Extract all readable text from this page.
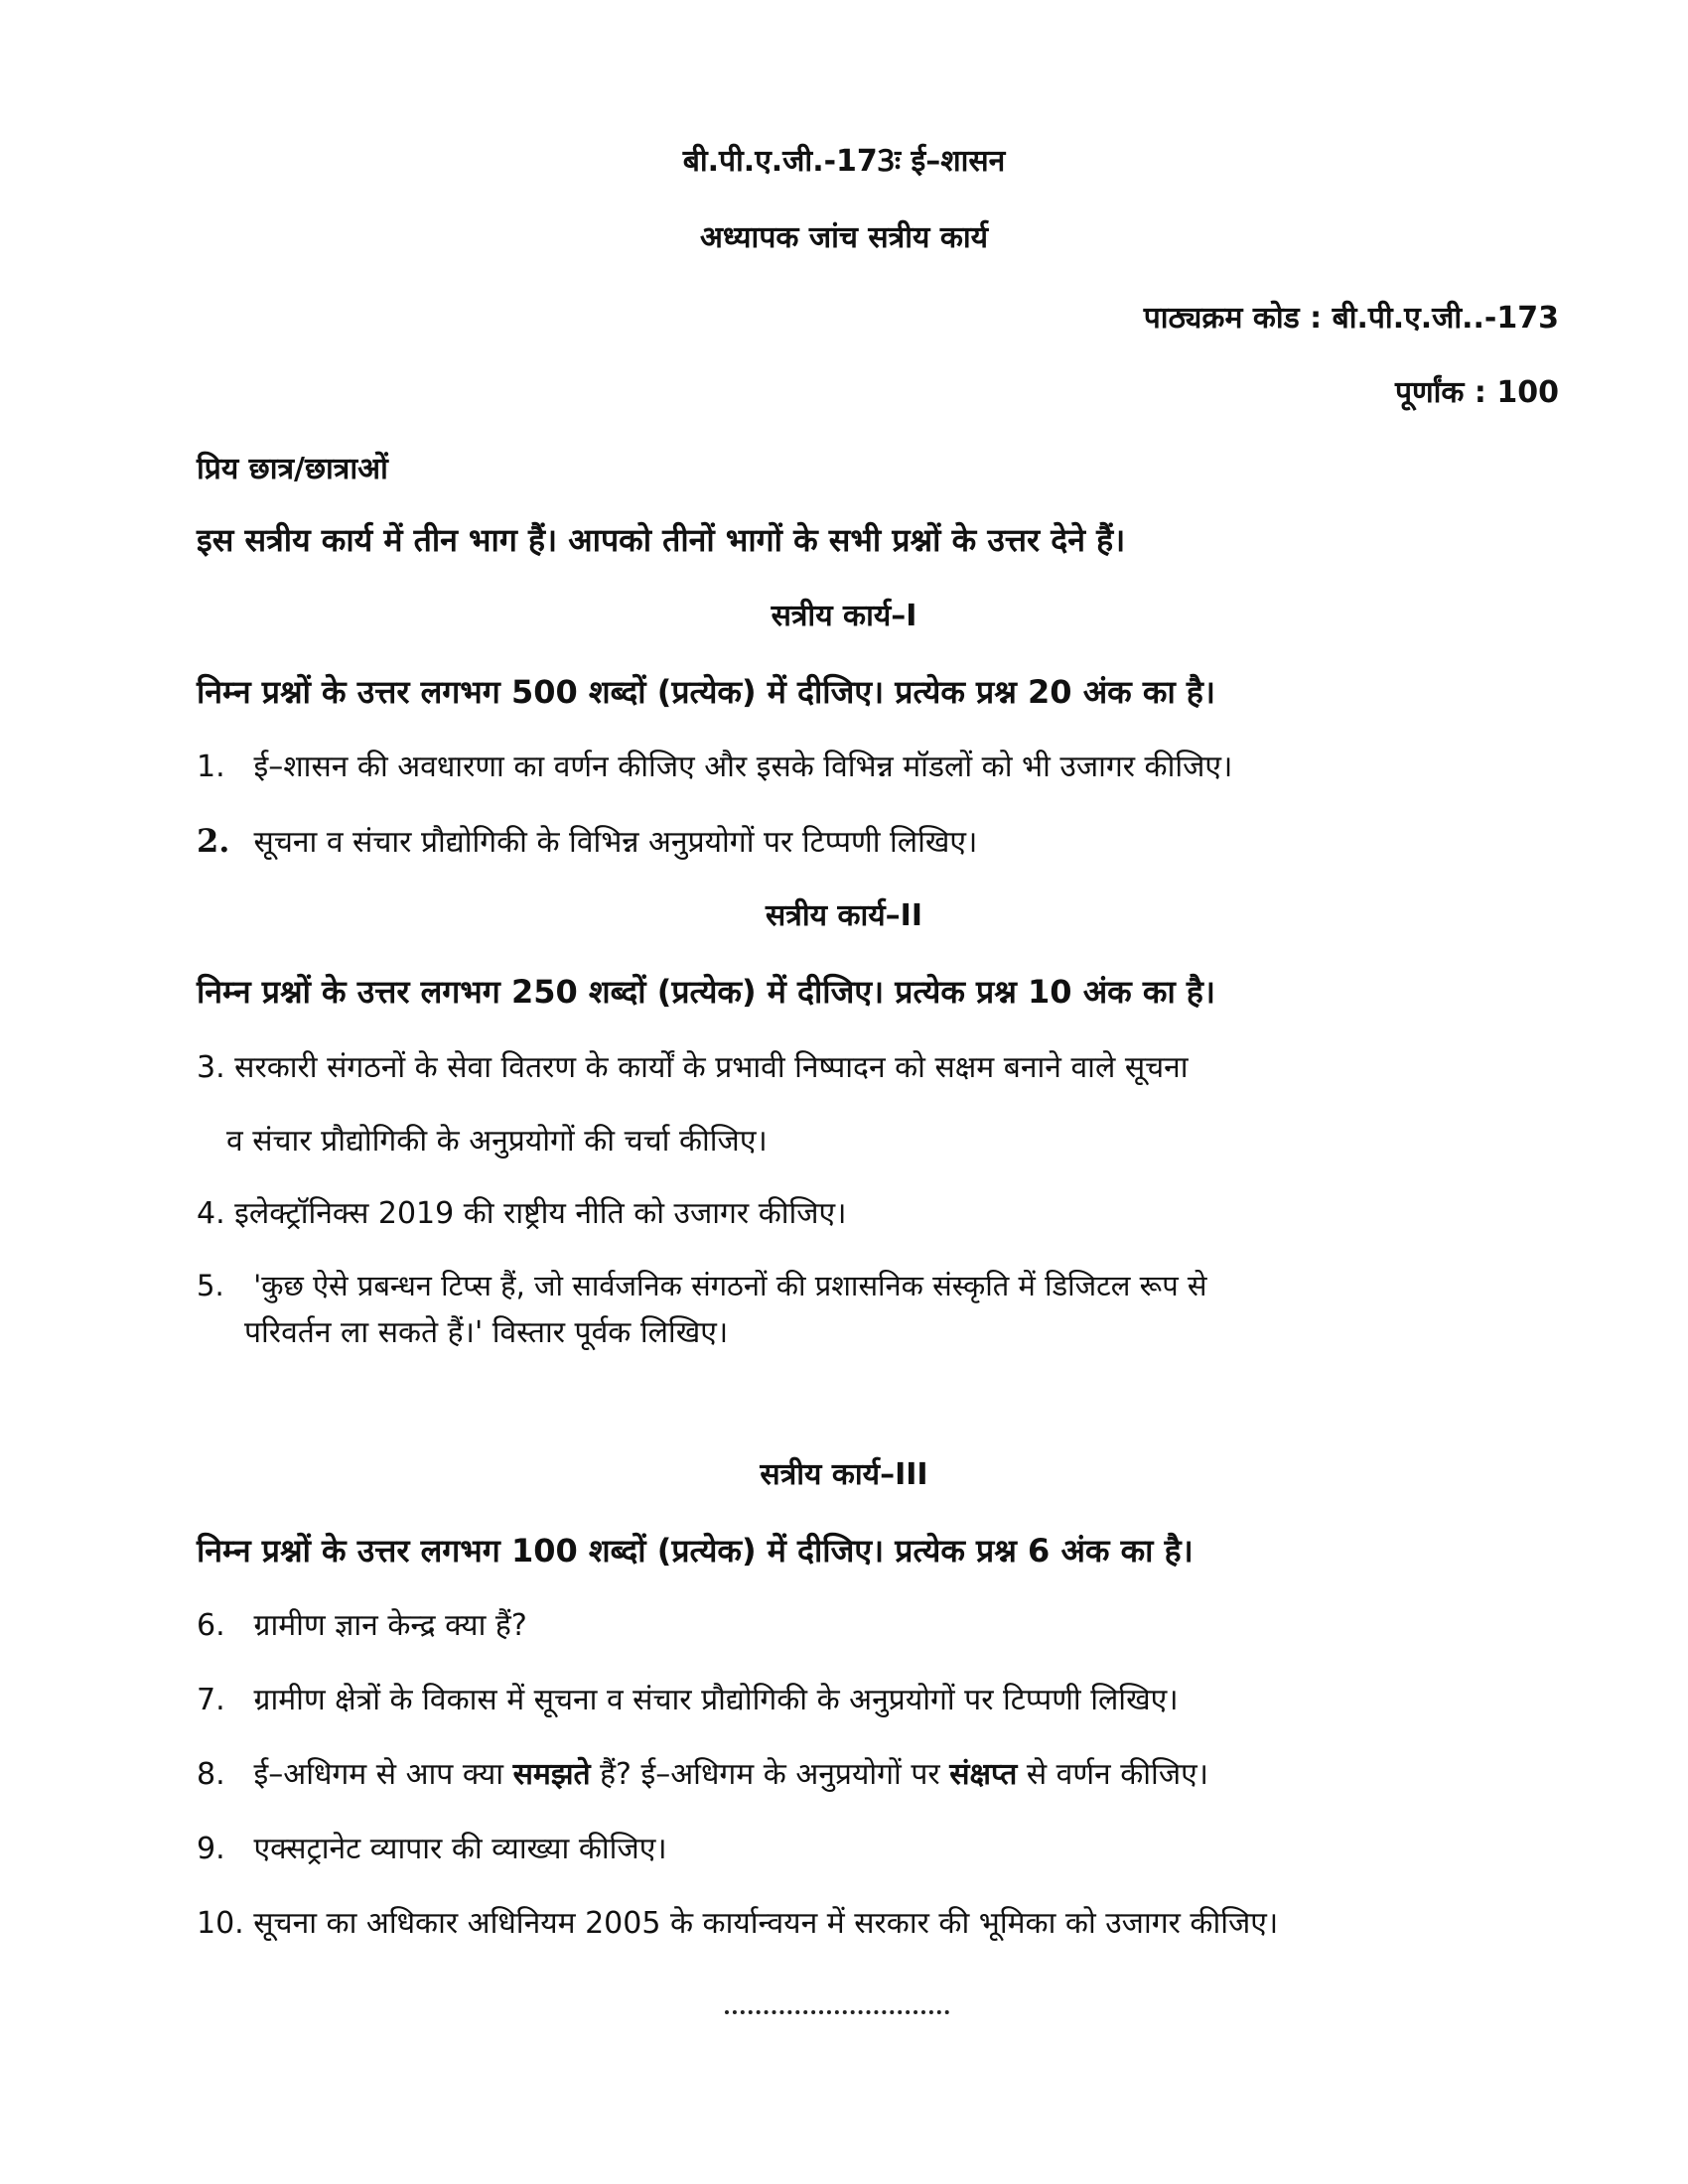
बी.पी.ए.जी.-173ः ई–शासन
अध्यापक जांच सत्रीय कार्य
पाठ्यक्रम कोड : बी.पी.ए.जी..-173
पूर्णांक : 100
प्रिय छात्र/छात्राओं
इस सत्रीय कार्य में तीन भाग हैं। आपको तीनों भागों के सभी प्रश्नों के उत्तर देने हैं।
सत्रीय कार्य–I
निम्न प्रश्नों के उत्तर लगभग 500 शब्दों (प्रत्येक) में दीजिए। प्रत्येक प्रश्न 20 अंक का है।
1. ई–शासन की अवधारणा का वर्णन कीजिए और इसके विभिन्न मॉडलों को भी उजागर कीजिए।
2. सूचना व संचार प्रौद्योगिकी के विभिन्न अनुप्रयोगों पर टिप्पणी लिखिए।
सत्रीय कार्य–II
निम्न प्रश्नों के उत्तर लगभग 250 शब्दों (प्रत्येक) में दीजिए। प्रत्येक प्रश्न 10 अंक का है।
3. सरकारी संगठनों के सेवा वितरण के कार्यों के प्रभावी निष्पादन को सक्षम बनाने वाले सूचना
व संचार प्रौद्योगिकी के अनुप्रयोगों की चर्चा कीजिए।
4. इलेक्ट्रॉनिक्स 2019 की राष्ट्रीय नीति को उजागर कीजिए।
5. 'कुछ ऐसे प्रबन्धन टिप्स हैं, जो सार्वजनिक संगठनों की प्रशासनिक संस्कृति में डिजिटल रूप से
परिवर्तन ला सकते हैं।' विस्तार पूर्वक लिखिए।
सत्रीय कार्य–III
निम्न प्रश्नों के उत्तर लगभग 100 शब्दों (प्रत्येक) में दीजिए। प्रत्येक प्रश्न 6 अंक का है।
6. ग्रामीण ज्ञान केन्द्र क्या हैं?
7. ग्रामीण क्षेत्रों के विकास में सूचना व संचार प्रौद्योगिकी के अनुप्रयोगों पर टिप्पणी लिखिए।
8. ई–अधिगम से आप क्या समझते हैं? ई–अधिगम के अनुप्रयोगों पर संक्षप्त से वर्णन कीजिए।
9. एक्सट्रानेट व्यापार की व्याख्या कीजिए।
10. सूचना का अधिकार अधिनियम 2005 के कार्यान्वयन में सरकार की भूमिका को उजागर कीजिए।
